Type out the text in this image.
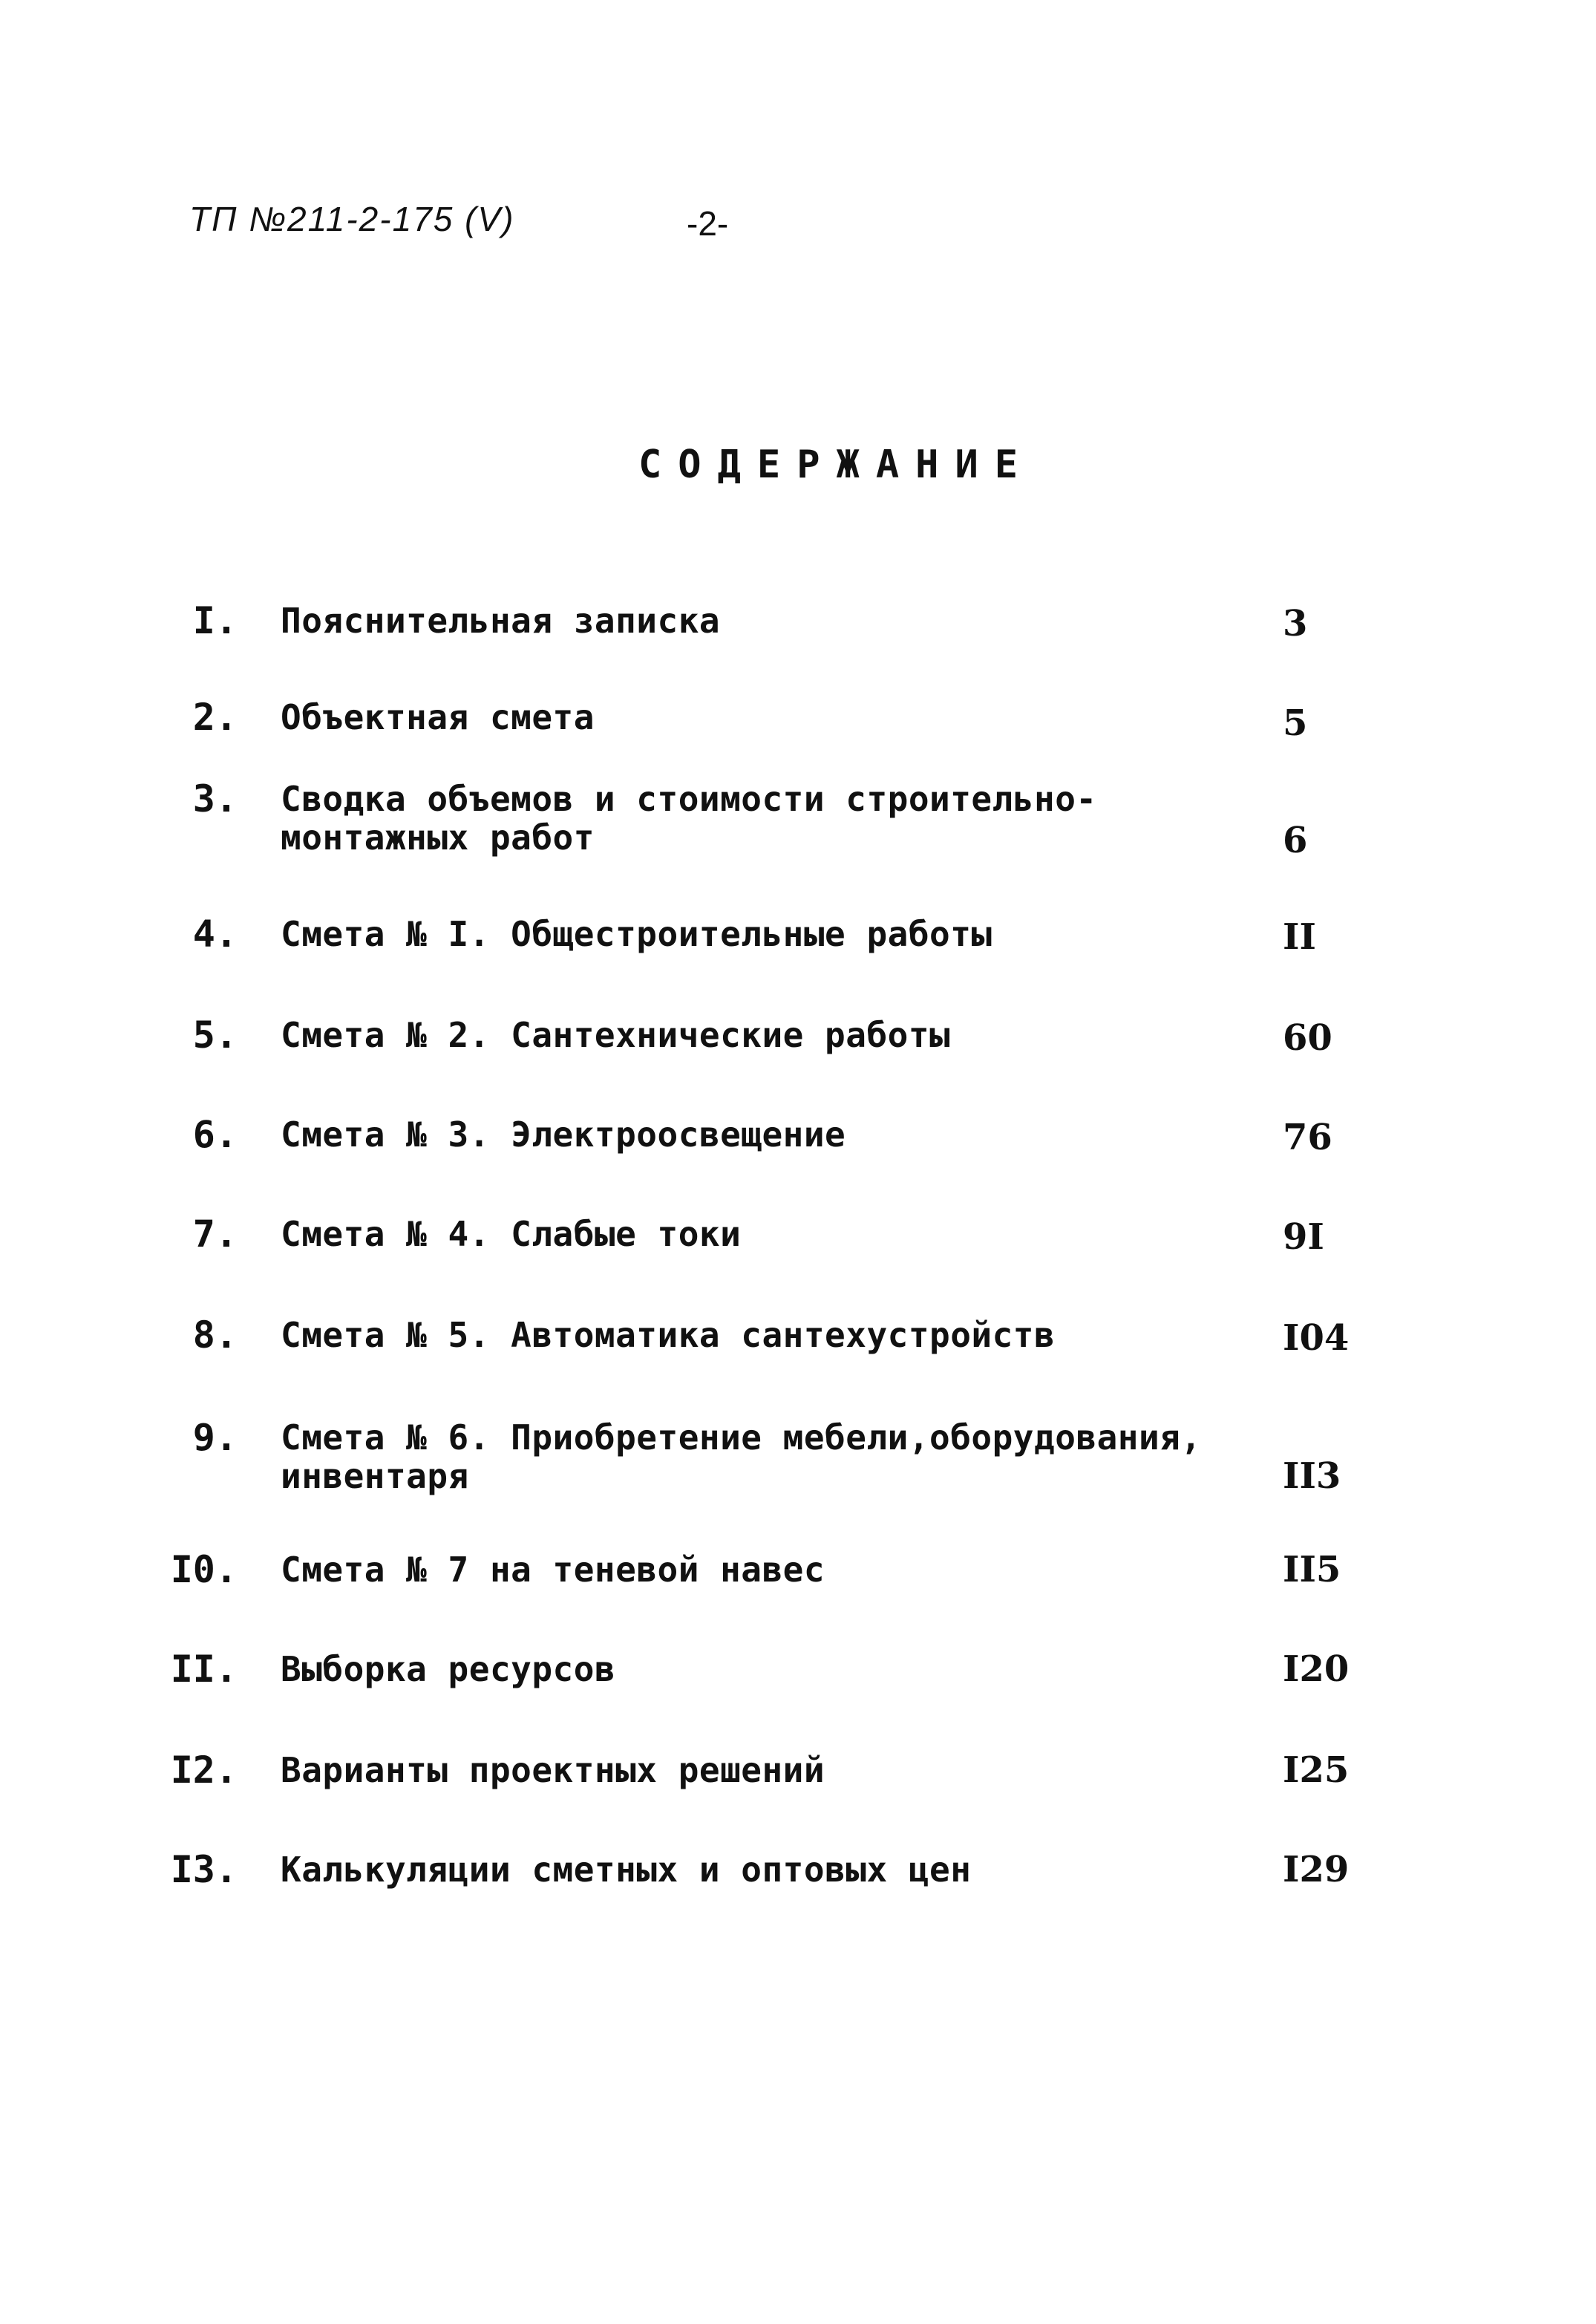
ТП №211-2-175 (V)	-2-
СОДЕРЖАНИЕ
I. Пояснительная записка	3
2. Объектная смета	5
3. Сводка объемов и стоимости строительно-
монтажных работ	6
4. Смета № I. Общестроительные работы	II
5. Смета № 2. Сантехнические работы	60
6. Смета № 3. Электроосвещение	76
7. Смета № 4. Слабые токи	9I
8. Смета № 5. Автоматика сантехустройств	I04
9. Смета № 6. Приобретение мебели,оборудования,
инвентаря	II3
I0. Смета № 7 на теневой навес	II5
II. Выборка ресурсов	I20
I2. Варианты проектных решений	I25
I3. Калькуляции сметных и оптовых цен	I29
